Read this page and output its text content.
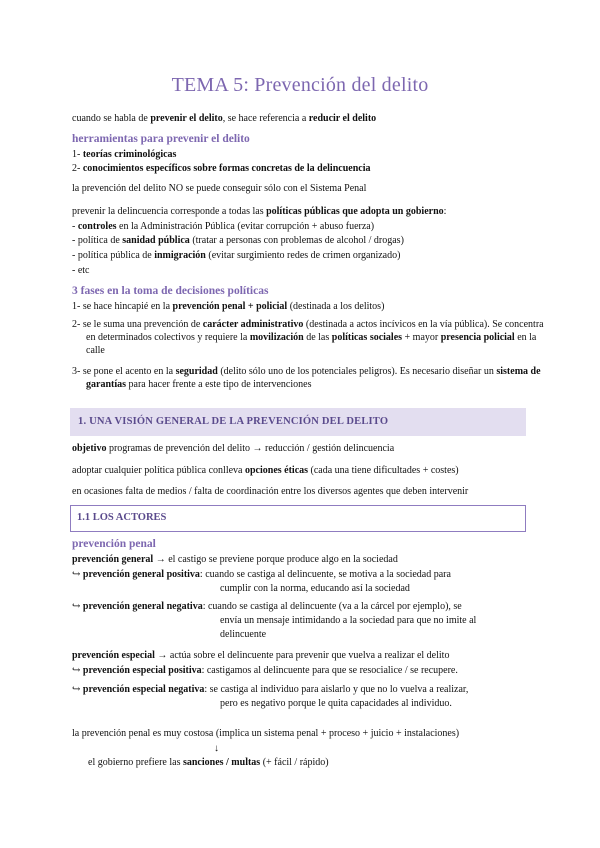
TEMA 5: Prevención del delito
cuando se habla de prevenir el delito, se hace referencia a reducir el delito
herramientas para prevenir el delito
1- teorías criminológicas
2- conocimientos específicos sobre formas concretas de la delincuencia
la prevención del delito NO se puede conseguir sólo con el Sistema Penal
prevenir la delincuencia corresponde a todas las políticas públicas que adopta un gobierno:
- controles en la Administración Pública (evitar corrupción + abuso fuerza)
- política de sanidad pública (tratar a personas con problemas de alcohol / drogas)
- política pública de inmigración (evitar surgimiento redes de crimen organizado)
- etc
3 fases en la toma de decisiones políticas
1- se hace hincapié en la prevención penal + policial (destinada a los delitos)
2- se le suma una prevención de carácter administrativo (destinada a actos incívicos en la vía pública). Se concentra en determinados colectivos y requiere la movilización de las políticas sociales + mayor presencia policial en la calle
3- se pone el acento en la seguridad (delito sólo uno de los potenciales peligros). Es necesario diseñar un sistema de garantías para hacer frente a este tipo de intervenciones
1. UNA VISIÓN GENERAL DE LA PREVENCIÓN DEL DELITO
objetivo programas de prevención del delito → reducción / gestión delincuencia
adoptar cualquier política pública conlleva opciones éticas (cada una tiene dificultades + costes)
en ocasiones falta de medios / falta de coordinación entre los diversos agentes que deben intervenir
1.1 LOS ACTORES
prevención penal
prevención general → el castigo se previene porque produce algo en la sociedad
↪ prevención general positiva: cuando se castiga al delincuente, se motiva a la sociedad para
cumplir con la norma, educando así la sociedad
↪ prevención general negativa: cuando se castiga al delincuente (va a la cárcel por ejemplo), se
envía un mensaje intimidando a la sociedad para que no imite al
delincuente
prevención especial → actúa sobre el delincuente para prevenir que vuelva a realizar el delito
↪ prevención especial positiva: castigamos al delincuente para que se resocialice / se recupere.
↪ prevención especial negativa: se castiga al individuo para aislarlo y que no lo vuelva a realizar,
pero es negativo porque le quita capacidades al individuo.
la prevención penal es muy costosa (implica un sistema penal + proceso + juicio + instalaciones)
↓
el gobierno prefiere las sanciones / multas (+ fácil / rápido)
